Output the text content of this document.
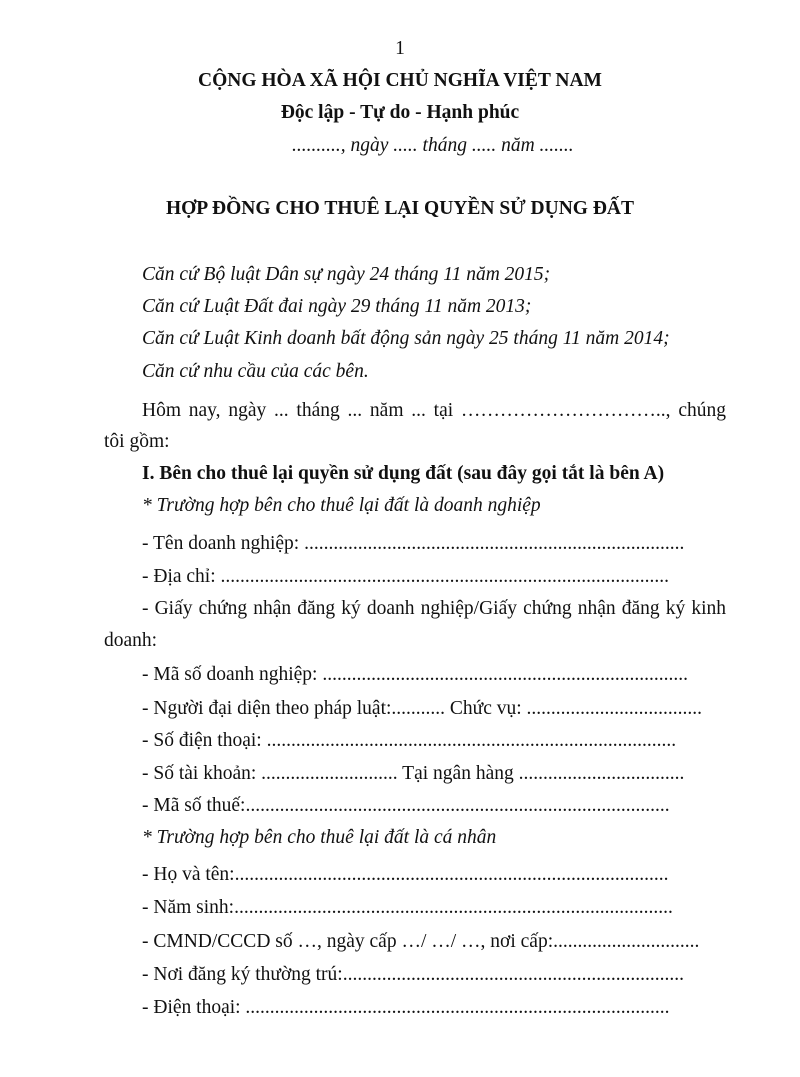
1
CỘNG HÒA XÃ HỘI CHỦ NGHĨA VIỆT NAM
Độc lập - Tự do - Hạnh phúc
.........., ngày ..... tháng ..... năm .......
HỢP ĐỒNG CHO THUÊ LẠI QUYỀN SỬ DỤNG ĐẤT
Căn cứ Bộ luật Dân sự ngày 24 tháng 11 năm 2015;
Căn cứ Luật Đất đai ngày 29 tháng 11 năm 2013;
Căn cứ Luật Kinh doanh bất động sản ngày 25 tháng 11 năm 2014;
Căn cứ nhu cầu của các bên.
Hôm nay, ngày ... tháng ... năm ... tại ………………………….., chúng
tôi gồm:
I. Bên cho thuê lại quyền sử dụng đất (sau đây gọi tắt là bên A)
* Trường hợp bên cho thuê lại đất là doanh nghiệp
- Tên doanh nghiệp: ..............................................................................
- Địa chỉ: ............................................................................................
- Giấy chứng nhận đăng ký doanh nghiệp/Giấy chứng nhận đăng ký kinh
doanh:
- Mã số doanh nghiệp: ...........................................................................
- Người đại diện theo pháp luật:........... Chức vụ: ....................................
- Số điện thoại: ....................................................................................
- Số tài khoản: ............................ Tại ngân hàng ..................................
- Mã số thuế:.......................................................................................
* Trường hợp bên cho thuê lại đất là cá nhân
- Họ và tên:.........................................................................................
- Năm sinh:..........................................................................................
- CMND/CCCD số …, ngày cấp …/ …/ …, nơi cấp:..............................
- Nơi đăng ký thường trú:......................................................................
- Điện thoại: .......................................................................................
